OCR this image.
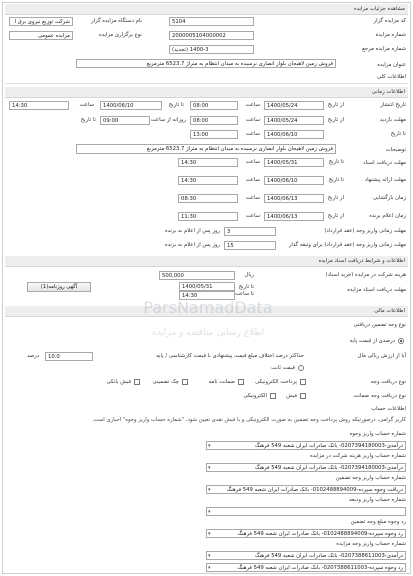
مشاهده جزئیات مزایده
کد مزایده گزار
5104
نام دستگاه مزایده گزار
شرکت توزیع نیروی برق ا
شماره مزایده
2000005104000002
نوع برگزاری مزایده
مزایده عمومی
شماره مزایده مرجع
1400-3 (تجدید)
عنوان مزایده
فروش زمین لاهیجان بلوار انصاری نرسیده به میدان انتظام به متراژ 6523.7 مترمربع
اطلاعات کلی
اطلاعات زمانی
تاریخ انتشار
از تاریخ
1400/05/24
ساعت
08:00
تا تاریخ
1400/06/10
ساعت
14:30
مهلت بازدید
از تاریخ
1400/05/24
ساعت
08:00
روزانه از ساعت
09:00
تا تاریخ
تا تاریخ
1400/06/10
ساعت
13:00
توضیحات
فروش زمین لاهیجان بلوار انصاری نرسیده به میدان انتظام به متراژ 6523.7 مترمربع
مهلت دریافت اسناد
تا تاریخ
1400/05/31
ساعت
14:30
مهلت ارائه پیشنهاد
تا تاریخ
1400/06/10
ساعت
14:30
زمان بازگشایی
از تاریخ
1400/06/13
ساعت
08:30
زمان اعلام برنده
از تاریخ
1400/06/13
ساعت
11:30
مهلت زمانی واریز وجه (عقد قرارداد)
3
روز پس از اعلام به برنده
مهلت زمانی واریز وجه (عقد قرارداد) برای وثیقه گذار
15
روز پس از اعلام به برنده
اطلاعات و شرایط دریافت اسناد مزایده
هزینه شرکت در مزایده (خرید اسناد)
500,000	ریال
مهلت دریافت اسناد مزایده
تا تاریخ
1400/05/31
تا ساعت
14:30
آگهی روزنامه(1)
اطلاعات مالی
نوع وجه تضمین دریافتی
درصدی از قیمت پایه
آیا از ارزش ریالی مال
حداکثر درصد اختلاف مبلغ قیمت پیشنهادی با قیمت کارشناسی / پایه
10.0
درصد
قیمت ثابت
نوع دریافت وجه
پرداخت الکترونیکی
ضمانت نامه
چک تضمینی
فیش بانکی
نوع دریافت وجه ضمانت
فیش
الکترونیکی
اطلاعات حساب
کاربر گرامی، درصورتیکه روش پرداخت وجه تضمین به صورت الکترونیکی و یا فیش نقدی تعیین شود، "شماره حساب واریز وجوه" اجباری است.
شماره حساب واریز وجوه
درآمدی-0207394180003- بانک صادرات ایران شعبه 549 فرهنگ ▾
شماره حساب واریز هزینه شرکت در مزایده
درآمدی-0207394180003- بانک صادرات ایران شعبه 549 فرهنگ ▾
شماره حساب واریز وجه تضمین
دریافت وجوه سپرده-0102488894009- بانک صادرات ایران شعبه 549 فرهنگ ▾
شماره حساب واریز ودیعه
▾
رد وجوه مبلغ وجه تضمین
رد وجوه سپرده-0102488894009- بانک صادرات ایران شعبه 549 فرهنگ ▾
شماره حساب واریز وجه مزایده
درآمدی-0207388611003- بانک صادرات ایران شعبه 549 فرهنگ ▾
رد وجوه سپرده-0207388611003- بانک صادرات ایران شعبه 549 فرهنگ ▾
ParsNamadData
اطلاع رسانی مناقصه و مزایده
